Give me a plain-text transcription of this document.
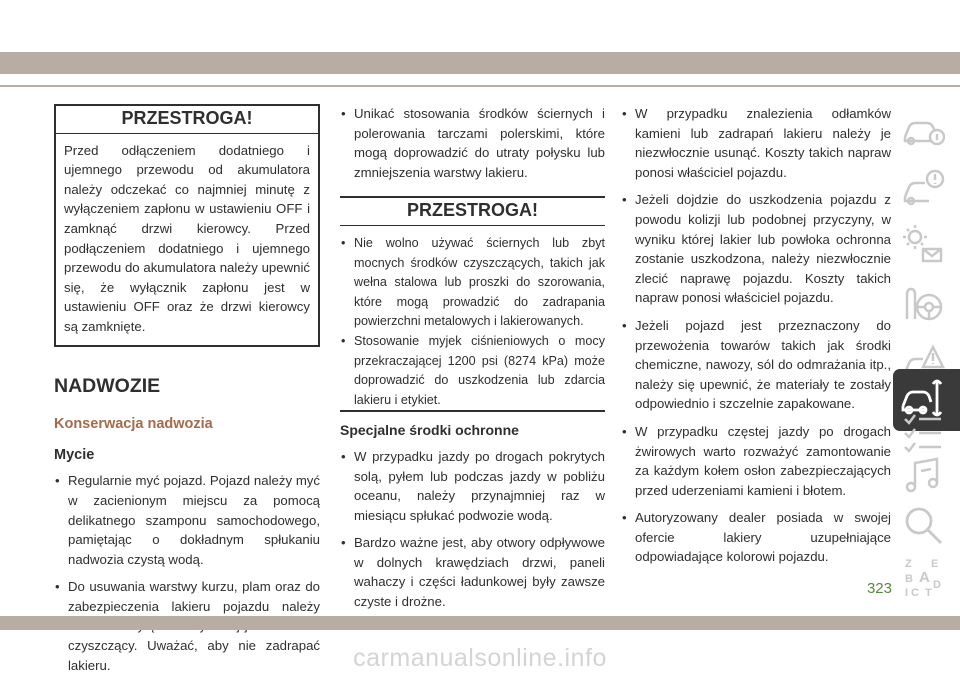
PRZESTROGA!
Przed odłączeniem dodatniego i ujemnego przewodu od akumulatora należy odczekać co najmniej minutę z wyłączeniem zapłonu w ustawieniu OFF i zamknąć drzwi kierowcy. Przed podłączeniem dodatniego i ujemnego przewodu do akumulatora należy upewnić się, że wyłącznik zapłonu jest w ustawieniu OFF oraz że drzwi kierowcy są zamknięte.
NADWOZIE
Konserwacja nadwozia
Mycie
• Regularnie myć pojazd. Pojazd należy myć w zacienionym miejscu za pomocą delikatnego szamponu samochodowego, pamiętając o dokładnym spłukaniu nadwozia czystą wodą.
• Do usuwania warstwy kurzu, plam oraz do zabezpieczenia lakieru pojazdu należy czyszczący. Uważać, aby nie zadrapać lakieru.
• Unikać stosowania środków ściernych i polerowania tarczami polerskimi, które mogą doprowadzić do utraty połysku lub zmniejszenia warstwy lakieru.
PRZESTROGA!
• Nie wolno używać ściernych lub zbyt mocnych środków czyszczących, takich jak wełna stalowa lub proszki do szorowania, które mogą prowadzić do zadrapania powierzchni metalowych i lakierowanych.
• Stosowanie myjek ciśnieniowych o mocy przekraczającej 1200 psi (8274 kPa) może doprowadzić do uszkodzenia lub zdarcia lakieru i etykiet.
Specjalne środki ochronne
• W przypadku jazdy po drogach pokrytych solą, pyłem lub podczas jazdy w pobliżu oceanu, należy przynajmniej raz w miesiącu spłukać podwozie wodą.
• Bardzo ważne jest, aby otwory odpływowe w dolnych krawędziach drzwi, paneli wahaczy i części ładunkowej były zawsze czyste i drożne.
• W przypadku znalezienia odłamków kamieni lub zadrapań lakieru należy je niezwłocznie usunąć. Koszty takich napraw ponosi właściciel pojazdu.
• Jeżeli dojdzie do uszkodzenia pojazdu z powodu kolizji lub podobnej przyczyny, w wyniku której lakier lub powłoka ochronna zostanie uszkodzona, należy niezwłocznie zlecić naprawę pojazdu. Koszty takich napraw ponosi właściciel pojazdu.
• Jeżeli pojazd jest przeznaczony do przewożenia towarów takich jak środki chemiczne, nawozy, sól do odmrażania itp., należy się upewnić, że materiały te zostały odpowiednio i szczelnie zapakowane.
• W przypadku częstej jazdy po drogach żwirowych warto rozważyć zamontowanie za każdym kołem osłon zabezpieczających przed uderzeniami kamieni i błotem.
• Autoryzowany dealer posiada w swojej ofercie lakiery uzupełniające odpowiadające kolorowi pojazdu.	Z E
B A
C
D
I T
323
carmanualsonline.info
